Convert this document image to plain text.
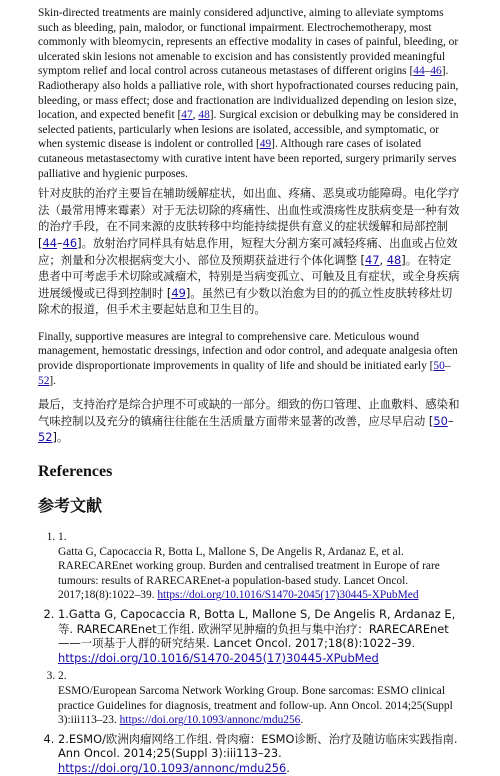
Skin-directed treatments are mainly considered adjunctive, aiming to alleviate symptoms such as bleeding, pain, malodor, or functional impairment. Electrochemotherapy, most commonly with bleomycin, represents an effective modality in cases of painful, bleeding, or ulcerated skin lesions not amenable to excision and has consistently provided meaningful symptom relief and local control across cutaneous metastases of different origins [44–46]. Radiotherapy also holds a palliative role, with short hypofractionated courses reducing pain, bleeding, or mass effect; dose and fractionation are individualized depending on lesion size, location, and expected benefit [47, 48]. Surgical excision or debulking may be considered in selected patients, particularly when lesions are isolated, accessible, and symptomatic, or when systemic disease is indolent or controlled [49]. Although rare cases of isolated cutaneous metastasectomy with curative intent have been reported, surgery primarily serves palliative and hygienic purposes.

针对皮肤的治疗主要旨在辅助缓解症状，如出血、疼痛、恶臭或功能障碍。电化学疗法（最常用博来霉素）对于无法切除的疼痛性、出血性或溃疡性皮肤病变是一种有效的治疗手段，在不同来源的皮肤转移中均能持续提供有意义的症状缓解和局部控制 [44–46]。放射治疗同样具有姑息作用，短程大分割方案可减轻疼痛、出血或占位效应；剂量和分次根据病变大小、部位及预期获益进行个体化调整 [47, 48]。在特定患者中可考虑手术切除或减瘤术，特别是当病变孤立、可触及且有症状，或全身疾病进展缓慢或已得到控制时 [49]。虽然已有少数以治愈为目的的孤立性皮肤转移灶切除术的报道，但手术主要起姑息和卫生目的。

Finally, supportive measures are integral to comprehensive care. Meticulous wound management, hemostatic dressings, infection and odor control, and adequate analgesia often provide disproportionate improvements in quality of life and should be initiated early [50–52].

最后，支持治疗是综合护理不可或缺的一部分。细致的伤口管理、止血敷料、感染和气味控制以及充分的镇痛往往能在生活质量方面带来显著的改善，应尽早启动 [50–52]。

References
参考文献
1. 1.
Gatta G, Capocaccia R, Botta L, Mallone S, De Angelis R, Ardanaz E, et al. RARECAREnet working group. Burden and centralised treatment in Europe of rare tumours: results of RARECAREnet-a population-based study. Lancet Oncol. 2017;18(8):1022–39. https://doi.org/10.1016/S1470-2045(17)30445-XPubMed
2. 1.Gatta G, Capocaccia R, Botta L, Mallone S, De Angelis R, Ardanaz E, 等. RARECAREnet工作组. 欧洲罕见肿瘤的负担与集中治疗：RARECAREnet——一项基于人群的研究结果. Lancet Oncol. 2017;18(8):1022–39. https://doi.org/10.1016/S1470-2045(17)30445-XPubMed
3. 2.
ESMO/European Sarcoma Network Working Group. Bone sarcomas: ESMO clinical practice Guidelines for diagnosis, treatment and follow-up. Ann Oncol. 2014;25(Suppl 3):iii113–23. https://doi.org/10.1093/annonc/mdu256.
4. 2.ESMO/欧洲肉瘤网络工作组. 骨肉瘤：ESMO诊断、治疗及随访临床实践指南. Ann Oncol. 2014;25(Suppl 3):iii113–23. https://doi.org/10.1093/annonc/mdu256.
